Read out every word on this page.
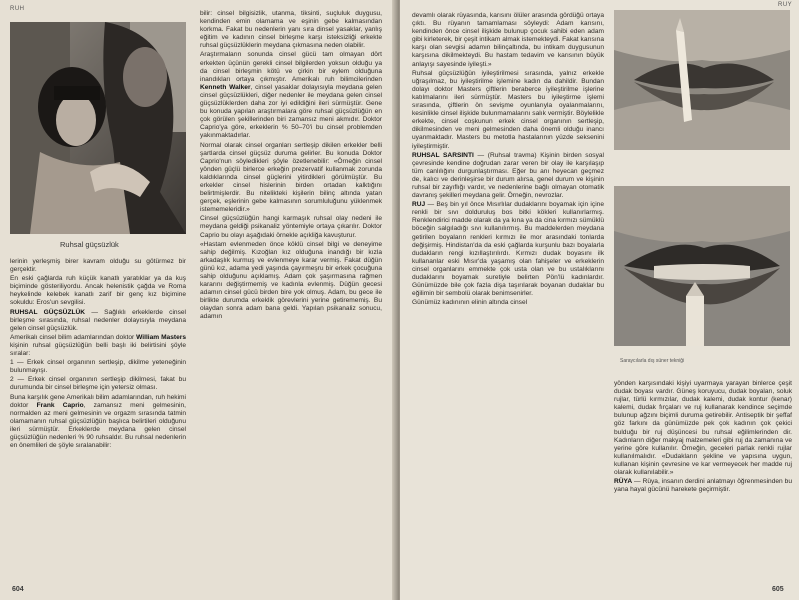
RUH
Ruhsal güçsüzlük

lerinin yerleşmiş birer kavram olduğu su götürmez bir gerçektir.

En eski çağlarda ruh küçük kanatlı yaratıklar ya da kuş biçiminde gösteriliyordu. Ancak helenistik çağda ve Roma heykelinde kelebek kanatlı zarif bir genç kız biçimine sokuldu: Eros'un sevgilisi.

RUHSAL GÜÇSÜZLÜK — Sağlıklı erkeklerde cinsel birleşme sırasında, ruhsal nedenler dolayısıyla meydana gelen cinsel güçsüzlük.

Amerikalı cinsel bilim adamlarından doktor William Masters kişinin ruhsal güçsüzlüğün belli başlı iki belirtisini şöyle sıralar:

1 — Erkek cinsel organının sertleşip, dikilme yeteneğinin bulunmayışı.

2 — Erkek cinsel organının sertleşip dikilmesi, fakat bu durumunda bir cinsel birleşme için yetersiz olması.

Buna karşılık gene Amerikalı bilim adamlarından, ruh hekimi doktor Frank Caprio, zamansız meni gelmesinin, normalden az meni gelmesinin ve orgazm sırasında tatmin olamamanın ruhsal güçsüzlüğün başlıca belirtileri olduğunu ileri sürmüştür. Erkeklerde meydana gelen cinsel güçsüzlüğün nedenleri % 90 ruhsaldır. Bu ruhsal nedenlerin en önemlileri de şöyle sıralanabilir:

bilir: cinsel bilgisizlik, utanma, tiksinti, suçluluk duygusu, kendinden emin olamama ve eşinin gebe kalmasından korkma. Fakat bu nedenlerin yanı sıra dinsel yasaklar, yanlış eğitim ve kadının cinsel birleşme karşı isteksizliği erkekte ruhsal güçsüzlüklerin meydana çıkmasına neden olabilir.

Araştırmaların sonunda cinsel gücü tam olmayan dört erkekten üçünün gerekli cinsel bilgilerden yoksun olduğu ya da cinsel birleşmin kötü ve çirkin bir eylem olduğuna inandıkları ortaya çıkmıştır. Amerikalı ruh bilimcilerinden Kenneth Walker, cinsel yasaklar dolayısıyla meydana gelen cinsel güçsüzlükleri, diğer nedenler ile meydana gelen cinsel güçsüzlüklerden daha zor iyi edildiğini ileri sürmüştür. Gene bu konuda yapılan araştırmalara göre ruhsal güçsüzlüğün en çok görülen şekillerinden biri zamansız meni akmıdır. Doktor Caprio'ya göre, erkeklerin % 50–70'i bu cinsel problemden yakınmaktadırlar.

Normal olarak cinsel organları sertleşip dikilen erkekler belli şartlarda cinsel güçsüz duruma gelirler. Bu konuda Doktor Caprio'nun söyledikleri şöyle özetlenebilir: «Örneğin cinsel yönden güçlü birlerce erkeğin prezervatif kullanmak zorunda kaldıklarında cinsel güçlerini yitirdikleri görülmüştür. Bu erkekler cinsel hislerinin birden ortadan kalktığını belirtmişlerdir. Bu nitelikteki kişilerin bilinç altında yatan gerçek, eşlerinin gebe kalmasının sorumluluğunu yüklenmek istememeleridir.»

Cinsel güçsüzlüğün hangi karmaşık ruhsal olay nedeni ile meydana geldiği psikanaliz yöntemiyle ortaya çıkarılır. Doktor Caprio bu olayı aşağıdaki örnekle açıkliğa kavuşturur.

«Hastam evlenmeden önce köklü cinsel bilgi ve deneyime sahip değilmiş. Kızoğlan kız olduğuna inandığı bir kızla arkadaşlık kurmuş ve evlenmeye karar vermiş. Fakat düğün günü kız, adama yedi yaşında çayırmeşru bir erkek çocuğuna sahip olduğunu açıklamış. Adam çok şaşırmasına rağmen kararını değiştirmemiş ve kadınla evlenmiş. Düğün gecesi adamın cinsel gücü birden bire yok olmuş. Adam, bu gece ile birlikte durumda erkeklik görevlerini yerine getirememiş. Bu olaydan sonra adam bana geldi. Yapılan psikanaliz sonucu, adamın

604
RUY

devamlı olarak rüyasında, karısını ölüler arasında gördüğü ortaya çıktı. Bu rüyanın tamamlaması söyleydi: Adam karısını, kendinden önce cinsel ilişkide bulunup çocuk sahibi eden adam gibi kirleterek, bir çeşit intikam almak istemekteydi. Fakat karısına karşı olan sevgisi adamın bilinçaltında, bu intikam duygusunun karşısına dikilmekteydi. Bu hastam tedavim ve karısının büyük anlayışı sayesinde iyileşti.»

Ruhsal güçsüzlüğün iyileştirilmesi sırasında, yalnız erkekle uğraşılmaz, bu iyileştirilme işlemine kadın da dahildir. Bundan dolayı doktor Masters çiftlerin beraberce iyileştirilme işlerine katılmalarını ileri sürmüştür. Masters bu iyileştirme işlemi sırasında, çiftlerin ön sevişme oyunlarıyla oyalanmalarını, kesinlikle cinsel ilişkide bulunmamalarını salık vermiştir. Böylelikle erkekte, cinsel coşkunun erkek cinsel organının sertleşip, dikilmesinden ve meni gelmesinden daha önemli olduğu inancı uyanmaktadır. Masters bu metotla hastalarının yüzde seksenini iyileştirmiştir.

RUHSAL SARSINTI — (Ruhsal travma) Kişinin birden sosyal çevresinde kendine doğrudan zarar veren bir olay ile karşılaşıp tüm canlılığını durgunlaştırması. Eğer bu anı heyecan geçmez de, kalıcı ve derinleşirse bir durum alırsa, genel durum ve kişinin ruhsal bir zayıflığı vardır, ve nedenlerine bağlı olmayan otomatik davranış şekilleri meydana gelir. Örneğin, nevrozlar.

RUJ — Beş bin yıl önce Mısırlılar dudaklarını boyamak için içine renkli bir sıvı dolduruluş bos bitki kökleri kullanırlarmış. Renklendirici madde olarak da ya kına ya da cina kırmızı sümüklü böceğin salgıladığı sıvı kullanılırmış. Bu maddelerden meydana getirilen boyaların renkleri kırmızı ile mor arasındaki tonlarda değişirmiş. Hindistan'da da eski çağlarda kurşunlu bazı boyalarla dudakların rengi kızıllaştırılırdı. Kırmızı dudak boyasını ilk kullananlar eski Mısır'da yaşamış olan fahişeler ve erkeklerin cinsel organlarını emmekte çok usta olan ve bu ustalıklarını dudaklarını boyamak suretiyle belirten Pön'lü kadınlardır. Günümüzde bile çok fazla dişa taşırılarak boyanan dudaklar bu eğilimin bir sembolü olarak benimsenirler.

Günümüz kadınının elinin altında cinsel

Saraycılarla dış süner tekniği

yönden karşısındaki kişiyi uyarmaya yarayan binlerce çeşit dudak boyası vardır. Güneş koruyucu, dudak boyaları, soluk rujlar, türlü kırmızılar, dudak kalemi, dudak kontur (kenar) kalemi, dudak fırçaları ve ruj kullanarak kendince seçimde bulunup ağzını biçimli duruma getirebilir. Antiseptik bir şeffaf göz farkını da günümüzde pek çok kadının çok çekici bulduğu bir ruj düşüncesi bu ruhsal eğilimlerinden dir. Kadınların diğer makyaj malzemeleri gibi ruj da zamanına ve yerine göre kullanılır. Örneğin, geceleri parlak renkli rujlar kullanılmalıdır. «Dudakların şekline ve yapısına uygun, kullanan kişinin çevresine ve kar vermeyecek her madde ruj olarak kullanılabilir.»

RÜYA — Rüya, insanın derdini anlatmayı öğrenmesinden bu yana hayal gücünü harekete geçirmiştir.

605
